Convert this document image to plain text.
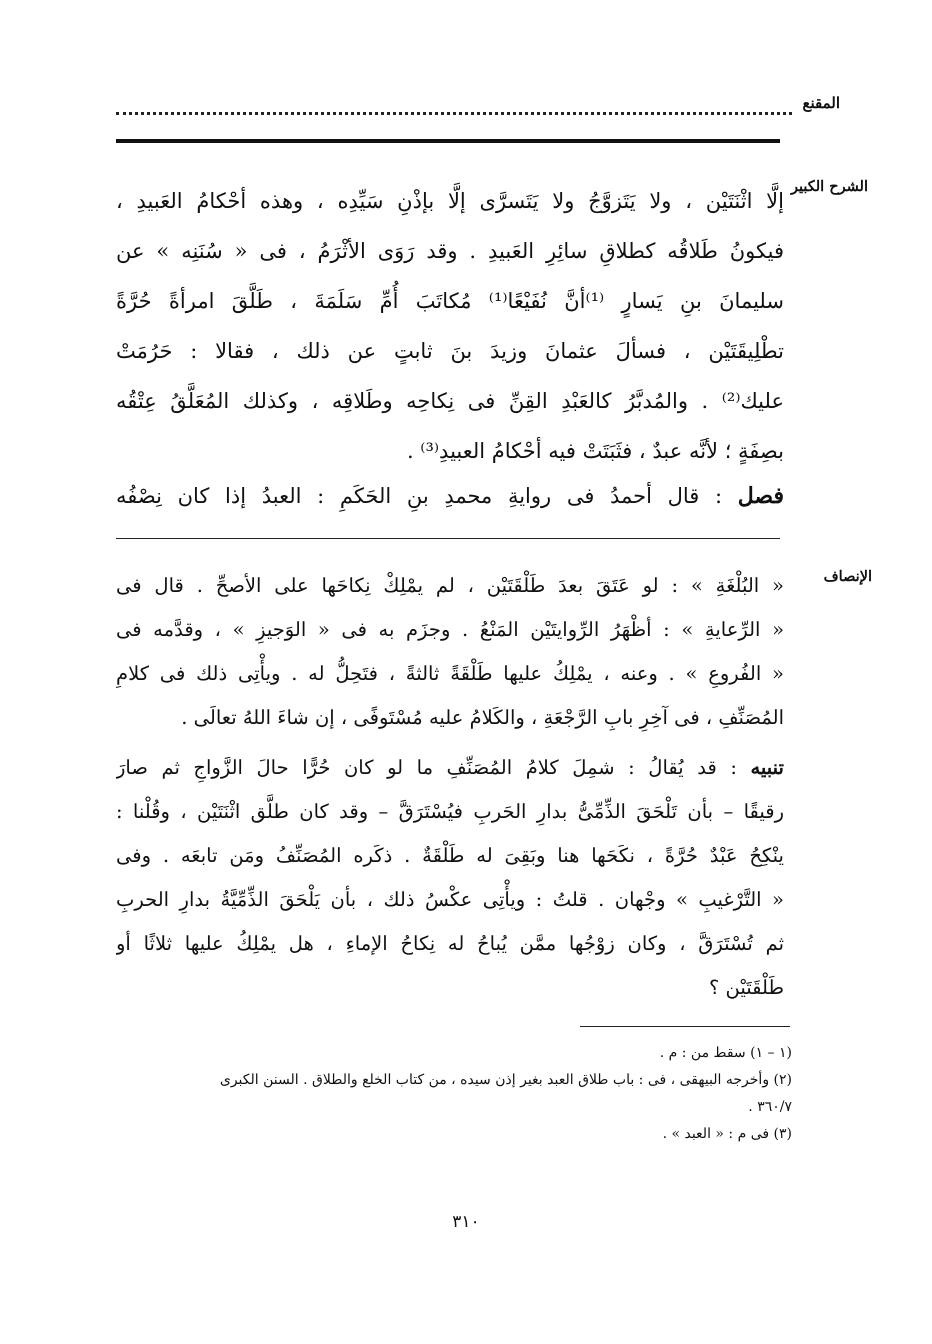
المقنع
الشرح الكبير
إلَّا اثْنَتَيْن ، ولا يَتَزوَّجُ ولا يَتَسرَّى إلَّا بإذْنِ سَيِّدِه ، وهذه أحْكامُ العَبيدِ ،
فيكونُ طَلاقُه كطلاقِ سائِرِ العَبيدِ . وقد رَوَى الأثْرَمُ ، فى « سُنَنِه » عن
سليمانَ بنِ يَسارٍ ⁽¹⁾أنَّ نُفَيْعًا⁽¹⁾ مُكاتَبَ أُمِّ سَلَمَةَ ، طَلَّقَ امرأةً حُرَّةً
تطْلِيقَتَيْن ، فسألَ عثمانَ وزيدَ بنَ ثابتٍ عن ذلك ، فقالا : حَرُمَتْ
عليك⁽²⁾ . والمُدبَّرُ كالعَبْدِ القِنِّ فى نِكاحِه وطَلاقِه ، وكذلك المُعَلَّقُ عِتْقُه
بصِفَةٍ ؛ لأنَّه عبدٌ ، فثَبَتَتْ فيه أحْكامُ العبيدِ⁽³⁾ .
فصل : قال أحمدُ فى روايةِ محمدِ بنِ الحَكَمِ : العبدُ إذا كان نِصْفُه
الإنصاف
« البُلْغَةِ » : لو عَتَقَ بعدَ طَلْقَتَيْن ، لم يمْلِكْ نِكاحَها على الأصحِّ . قال فى
« الرِّعايةِ » : أظْهَرُ الرِّوايتَيْن المَنْعُ . وجزَم به فى « الوَجيزِ » ، وقدَّمه فى
« الفُروعِ » . وعنه ، يمْلِكُ عليها طَلْقَةً ثالثةً ، فتَحِلُّ له . ويأْتِى ذلك فى كلامِ
المُصَنِّفِ ، فى آخِرِ بابِ الرَّجْعَةِ ، والكَلامُ عليه مُسْتَوفًى ، إن شاءَ اللهُ تعالَى .
تنبيه : قد يُقالُ : شمِلَ كلامُ المُصَنِّفِ ما لو كان حُرًّا حالَ الزَّواجِ ثم صارَ
رقيقًا – بأن تَلْحَقَ الذِّمِّىُّ بدارِ الحَربِ فيُسْتَرَقَّ – وقد كان طلَّق اثْنَتَيْن ، وقُلْنا :
ينْكِحُ عَبْدٌ حُرَّةً ، نكَحَها هنا وبَقِىَ له طَلْقَةٌ . ذكَره المُصَنِّفُ ومَن تابعَه . وفى
« التَّرْغيبِ » وجْهان . قلتُ : ويأْتِى عكْسُ ذلك ، بأن يَلْحَقَ الذِّمِّيَّةُ بدارِ الحربِ
ثم تُسْتَرَقَّ ، وكان زوْجُها ممَّن يُباحُ له نِكاحُ الإماءِ ، هل يمْلِكُ عليها ثلاثًا أو
طَلْقَتَيْن ؟
(١ – ١) سقط من : م .
(٢) وأخرجه البيهقى ، فى : باب طلاق العبد بغير إذن سيده ، من كتاب الخلع والطلاق . السنن الكبرى
٣٦٠/٧ .
(٣) فى م : « العبد » .
٣١٠
